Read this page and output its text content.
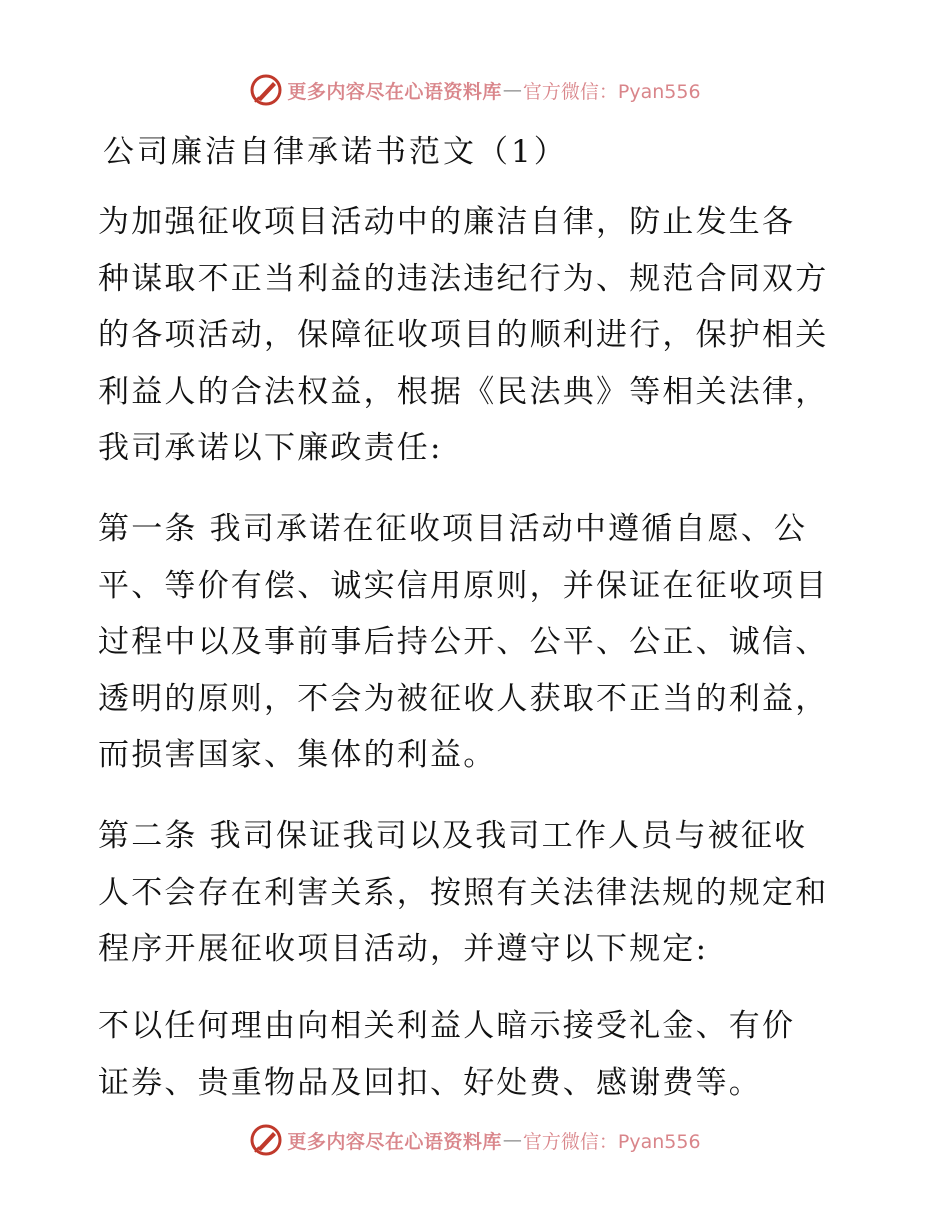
更多内容尽在心语资料库 — 官方微信：Pyan556
公司廉洁自律承诺书范文（1）
为加强征收项目活动中的廉洁自律，防止发生各
种谋取不正当利益的违法违纪行为、规范合同双方
的各项活动，保障征收项目的顺利进行，保护相关
利益人的合法权益，根据《民法典》等相关法律，
我司承诺以下廉政责任:
第一条 我司承诺在征收项目活动中遵循自愿、公
平、等价有偿、诚实信用原则，并保证在征收项目
过程中以及事前事后持公开、公平、公正、诚信、
透明的原则，不会为被征收人获取不正当的利益，
而损害国家、集体的利益。
第二条 我司保证我司以及我司工作人员与被征收
人不会存在利害关系，按照有关法律法规的规定和
程序开展征收项目活动，并遵守以下规定:
不以任何理由向相关利益人暗示接受礼金、有价
证券、贵重物品及回扣、好处费、感谢费等。
更多内容尽在心语资料库 — 官方微信：Pyan556
